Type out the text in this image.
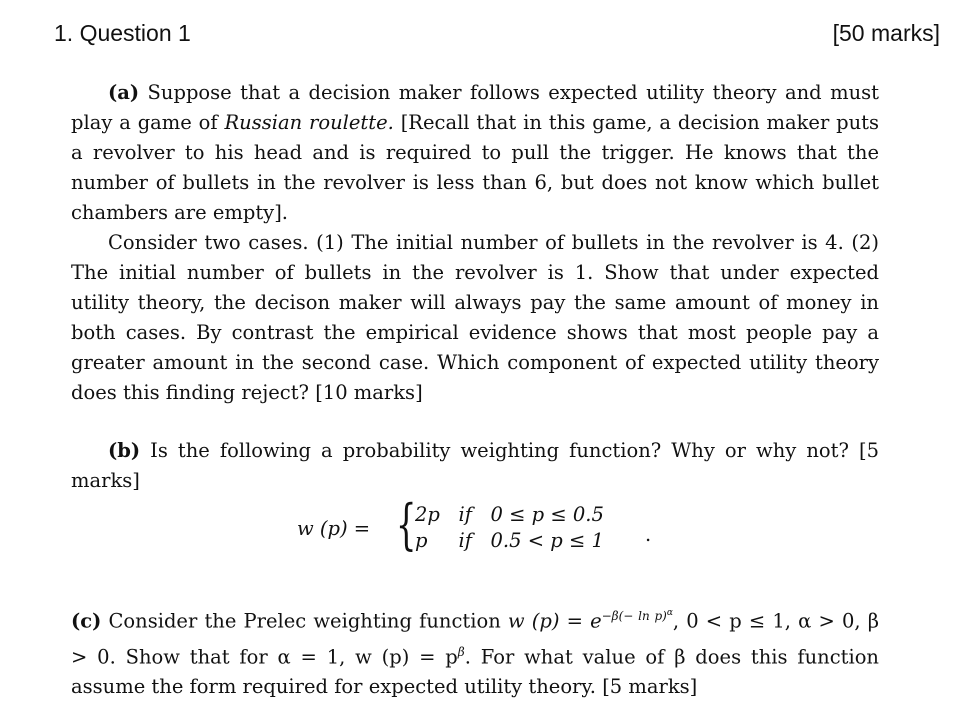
1. Question 1	[50 marks]

(a) Suppose that a decision maker follows expected utility theory and must play a game of Russian roulette. [Recall that in this game, a decision maker puts a revolver to his head and is required to pull the trigger. He knows that the number of bullets in the revolver is less than 6, but does not know which bullet chambers are empty].

Consider two cases. (1) The initial number of bullets in the revolver is 4. (2) The initial number of bullets in the revolver is 1. Show that under expected utility theory, the decison maker will always pay the same amount of money in both cases. By contrast the empirical evidence shows that most people pay a greater amount in the second case. Which component of expected utility theory does this finding reject? [10 marks]

(b) Is the following a probability weighting function? Why or why not? [5 marks]

w (p) = {
2p   if   0 ≤ p ≤ 0.5
p     if   0.5 < p ≤ 1 .

(c) Consider the Prelec weighting function w $(p) = e^{-\beta(- ln p)^\alpha}$, 0 < p ≤ 1, α > 0, β > 0. Show that for α = 1, w $(p) = p^\beta$. For what value of β does this function assume the form required for expected utility theory. [5 marks]
